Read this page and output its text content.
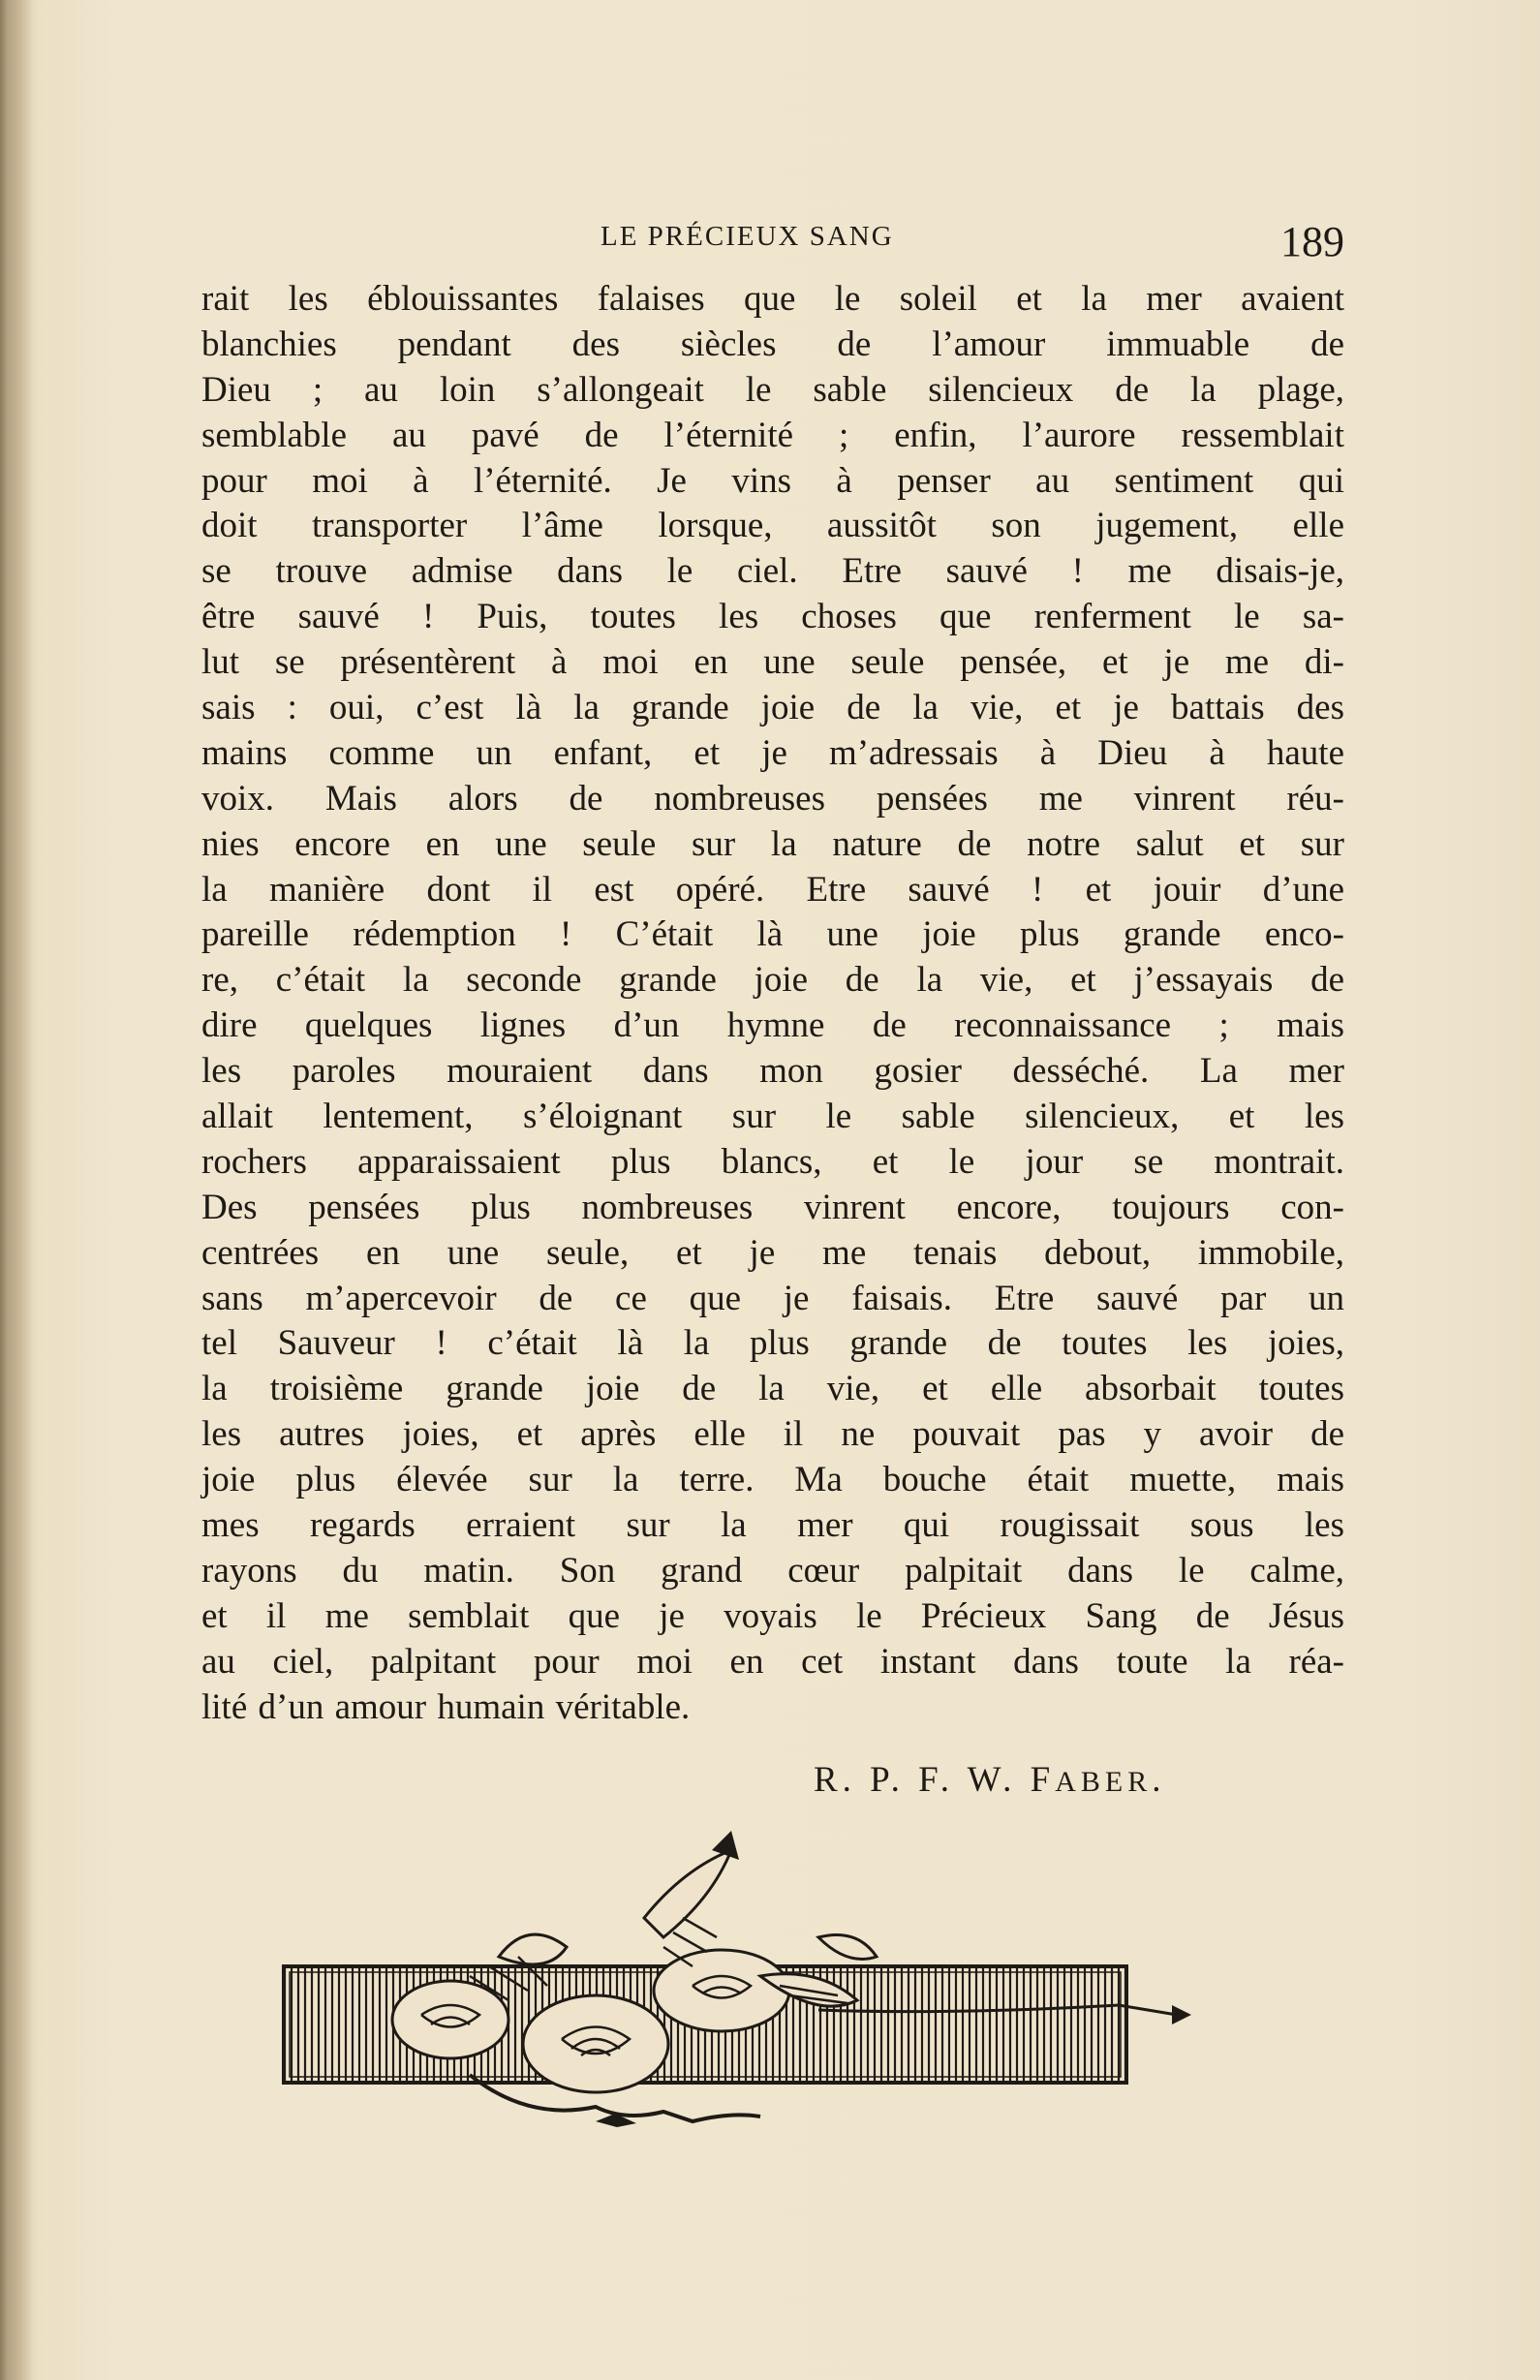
LE PRÉCIEUX SANG	189
rait les éblouissantes falaises que le soleil et la mer avaient
blanchies pendant des siècles de l’amour immuable de
Dieu ; au loin s’allongeait le sable silencieux de la plage,
semblable au pavé de l’éternité ; enfin, l’aurore ressemblait
pour moi à l’éternité. Je vins à penser au sentiment qui
doit transporter l’âme lorsque, aussitôt son jugement, elle
se trouve admise dans le ciel. Etre sauvé ! me disais-je,
être sauvé ! Puis, toutes les choses que renferment le sa-
lut se présentèrent à moi en une seule pensée, et je me di-
sais : oui, c’est là la grande joie de la vie, et je battais des
mains comme un enfant, et je m’adressais à Dieu à haute
voix. Mais alors de nombreuses pensées me vinrent réu-
nies encore en une seule sur la nature de notre salut et sur
la manière dont il est opéré. Etre sauvé ! et jouir d’une
pareille rédemption ! C’était là une joie plus grande enco-
re, c’était la seconde grande joie de la vie, et j’essayais de
dire quelques lignes d’un hymne de reconnaissance ; mais
les paroles mouraient dans mon gosier desséché. La mer
allait lentement, s’éloignant sur le sable silencieux, et les
rochers apparaissaient plus blancs, et le jour se montrait.
Des pensées plus nombreuses vinrent encore, toujours con-
centrées en une seule, et je me tenais debout, immobile,
sans m’apercevoir de ce que je faisais. Etre sauvé par un
tel Sauveur ! c’était là la plus grande de toutes les joies,
la troisième grande joie de la vie, et elle absorbait toutes
les autres joies, et après elle il ne pouvait pas y avoir de
joie plus élevée sur la terre. Ma bouche était muette, mais
mes regards erraient sur la mer qui rougissait sous les
rayons du matin. Son grand cœur palpitait dans le calme,
et il me semblait que je voyais le Précieux Sang de Jésus
au ciel, palpitant pour moi en cet instant dans toute la réa-
lité d’un amour humain véritable.
R. P. F. W. FABER.
